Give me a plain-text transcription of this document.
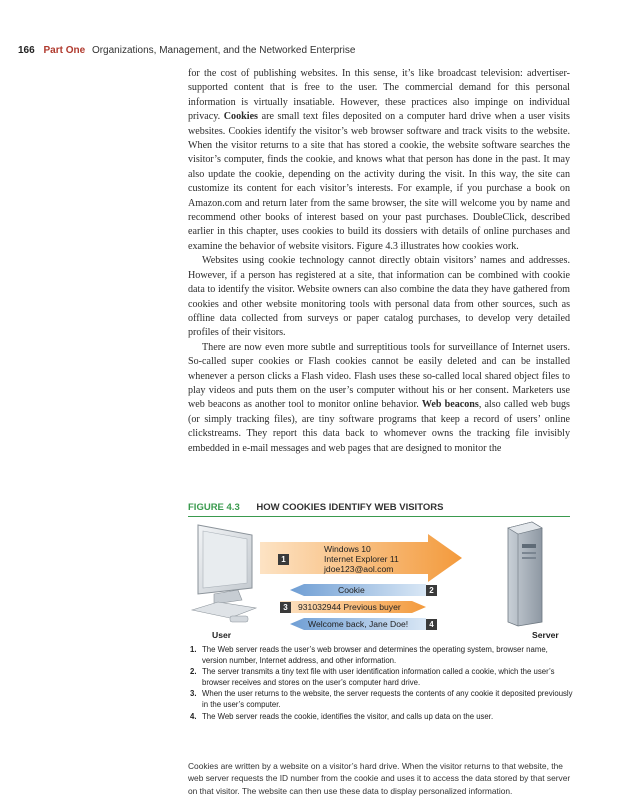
166 Part One Organizations, Management, and the Networked Enterprise

for the cost of publishing websites. In this sense, it’s like broadcast television: advertiser-supported content that is free to the user. The commercial demand for this personal information is virtually insatiable. However, these practices also impinge on individual privacy. Cookies are small text files deposited on a computer hard drive when a user visits websites. Cookies identify the visitor’s web browser software and track visits to the website. When the visitor returns to a site that has stored a cookie, the website software searches the visitor’s computer, finds the cookie, and knows what that person has done in the past. It may also update the cookie, depending on the activity during the visit. In this way, the site can customize its content for each visitor’s interests. For example, if you purchase a book on Amazon.com and return later from the same browser, the site will welcome you by name and recommend other books of interest based on your past purchases. DoubleClick, described earlier in this chapter, uses cookies to build its dossiers with details of online purchases and examine the behavior of website visitors. Figure 4.3 illustrates how cookies work.

Websites using cookie technology cannot directly obtain visitors’ names and addresses. However, if a person has registered at a site, that information can be combined with cookie data to identify the visitor. Website owners can also combine the data they have gathered from cookies and other website monitoring tools with personal data from other sources, such as offline data collected from surveys or paper catalog purchases, to develop very detailed profiles of their visitors.

There are now even more subtle and surreptitious tools for surveillance of Internet users. So-called super cookies or Flash cookies cannot be easily deleted and can be installed whenever a person clicks a Flash video. Flash uses these so-called local shared object files to play videos and puts them on the user’s computer without his or her consent. Marketers use web beacons as another tool to monitor online behavior. Web beacons, also called web bugs (or simply tracking files), are tiny software programs that keep a record of users’ online clickstreams. They report this data back to whomever owns the tracking file invisibly embedded in e-mail messages and web pages that are designed to monitor the

FIGURE 4.3 HOW COOKIES IDENTIFY WEB VISITORS
1
Windows 10
Internet Explorer 11
jdoe123@aol.com
Cookie	2
3	931032944 Previous buyer
Welcome back, Jane Doe!	4
User	Server
1. The Web server reads the user’s web browser and determines the operating system, browser name, version number, Internet address, and other information.
2. The server transmits a tiny text file with user identification information called a cookie, which the user’s browser receives and stores on the user’s computer hard drive.
3. When the user returns to the website, the server requests the contents of any cookie it deposited previously in the user’s computer.
4. The Web server reads the cookie, identifies the visitor, and calls up data on the user.
Cookies are written by a website on a visitor’s hard drive. When the visitor returns to that website, the web server requests the ID number from the cookie and uses it to access the data stored by that server on that visitor. The website can then use these data to display personalized information.
